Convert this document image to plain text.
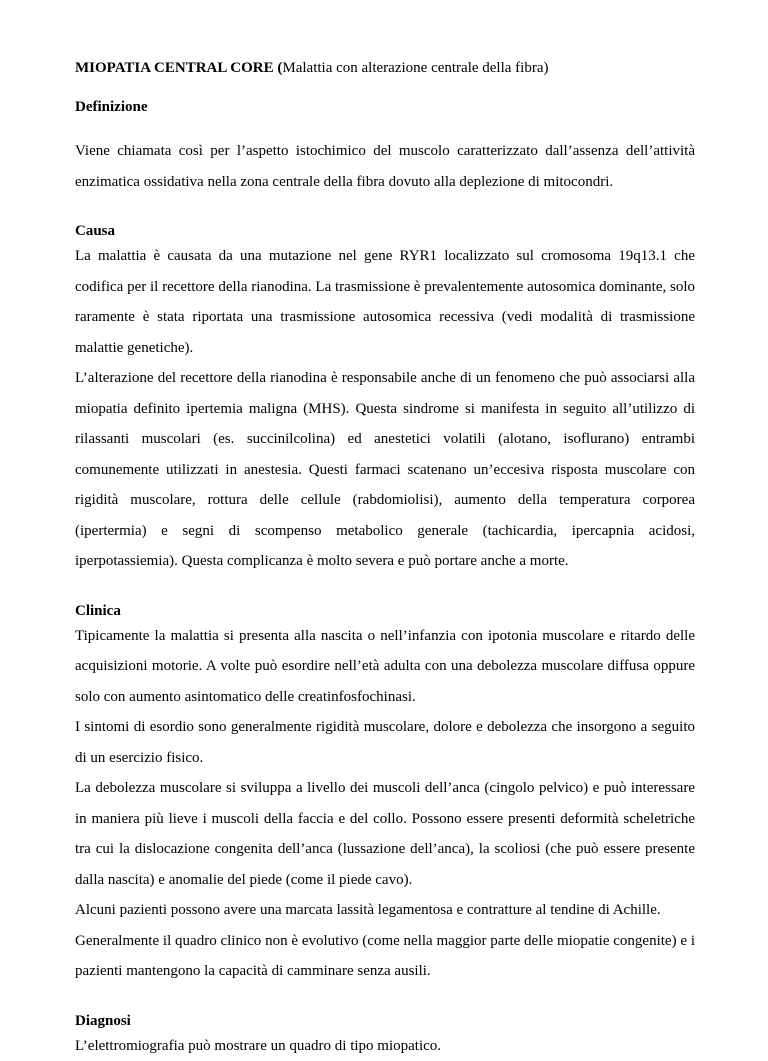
MIOPATIA CENTRAL CORE (Malattia con alterazione centrale della fibra)

Definizione

Viene chiamata così per l’aspetto istochimico del muscolo caratterizzato dall’assenza dell’attività enzimatica ossidativa nella zona centrale della fibra dovuto alla deplezione di mitocondri.

Causa

La malattia è causata da una mutazione nel gene RYR1 localizzato sul cromosoma 19q13.1 che codifica per il recettore della rianodina. La trasmissione è prevalentemente autosomica dominante, solo raramente è stata riportata una trasmissione autosomica recessiva (vedi modalità di trasmissione malattie genetiche).

L’alterazione del recettore della rianodina è responsabile anche di un fenomeno che può associarsi alla miopatia definito ipertemia maligna (MHS). Questa sindrome si manifesta in seguito all’utilizzo di rilassanti muscolari (es. succinilcolina) ed anestetici volatili (alotano, isoflurano) entrambi comunemente utilizzati in anestesia. Questi farmaci scatenano un’eccesiva risposta muscolare con rigidità muscolare, rottura delle cellule (rabdomiolisi), aumento della temperatura corporea (ipertermia) e segni di scompenso metabolico generale (tachicardia, ipercapnia acidosi, iperpotassiemia). Questa complicanza è molto severa e può portare anche a morte.

Clinica

Tipicamente la malattia si presenta alla nascita o nell’infanzia con ipotonia muscolare e ritardo delle acquisizioni motorie. A volte può esordire nell’età adulta con una debolezza muscolare diffusa oppure solo con aumento asintomatico delle creatinfosfochinasi.

I sintomi di esordio sono generalmente rigidità muscolare, dolore e debolezza che insorgono a seguito di un esercizio fisico.

La debolezza muscolare si sviluppa a livello dei muscoli dell’anca (cingolo pelvico) e può interessare in maniera più lieve i muscoli della faccia e del collo. Possono essere presenti deformità scheletriche tra cui la dislocazione congenita dell’anca (lussazione dell’anca), la scoliosi (che può essere presente dalla nascita) e anomalie del piede (come il piede cavo).

Alcuni pazienti possono avere una marcata lassità legamentosa e contratture al tendine di Achille.

Generalmente il quadro clinico non è evolutivo (come nella maggior parte delle miopatie congenite) e i pazienti mantengono la capacità di camminare senza ausili.

Diagnosi

L’elettromiografia può mostrare un quadro di tipo miopatico.
